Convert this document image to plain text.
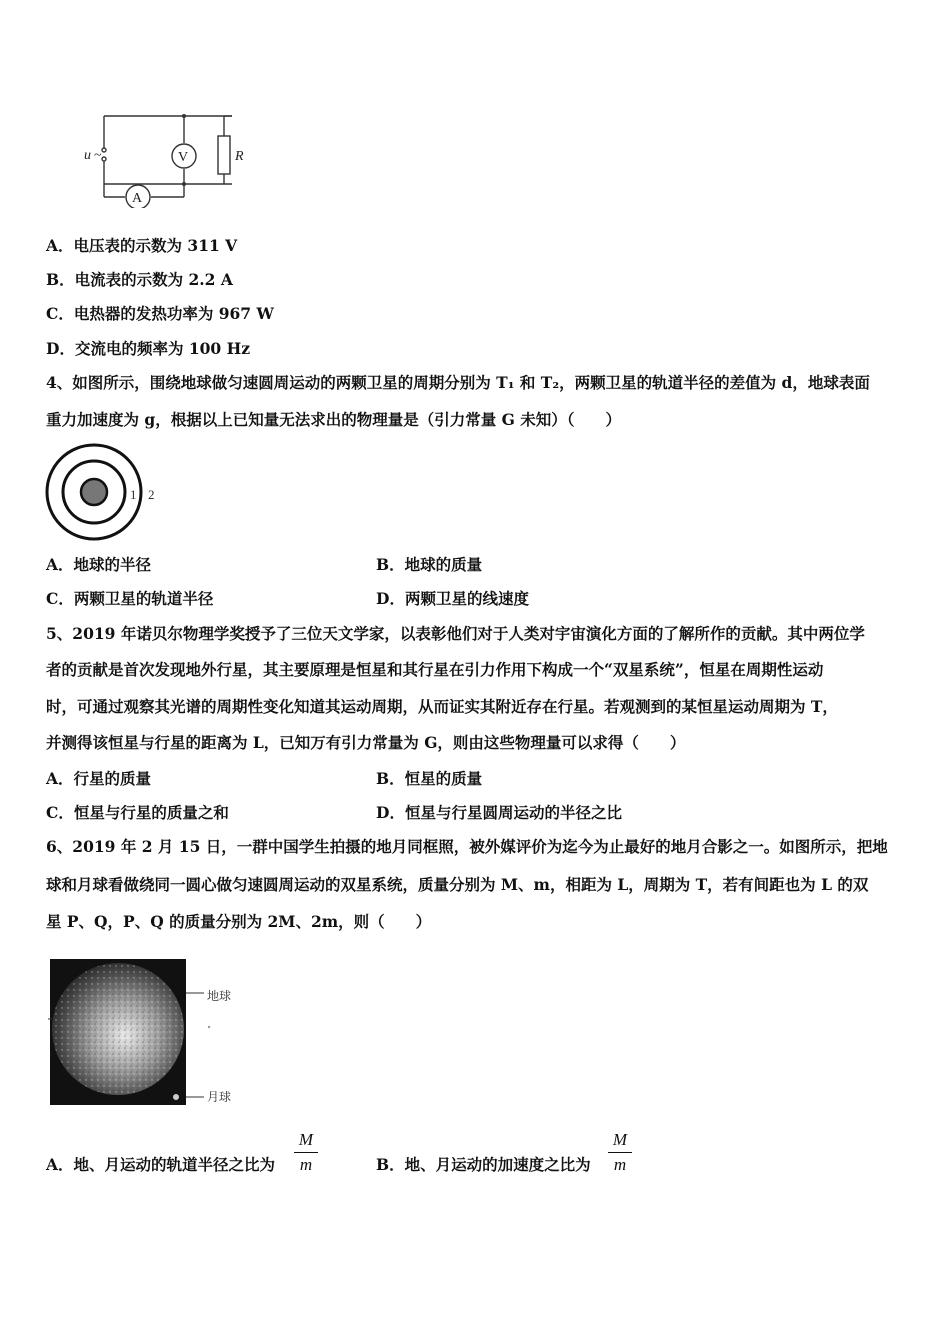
u ~	V
A
R
A．电压表的示数为 311 V
B．电流表的示数为 2.2 A
C．电热器的发热功率为 967 W
D．交流电的频率为 100 Hz
4、如图所示，围绕地球做匀速圆周运动的两颗卫星的周期分别为 T₁ 和 T₂，两颗卫星的轨道半径的差值为 d，地球表面
重力加速度为 g，根据以上已知量无法求出的物理量是（引力常量 G 未知）（　　）
1 2
A．地球的半径	B．地球的质量
C．两颗卫星的轨道半径	D．两颗卫星的线速度
5、2019 年诺贝尔物理学奖授予了三位天文学家，以表彰他们对于人类对宇宙演化方面的了解所作的贡献。其中两位学
者的贡献是首次发现地外行星，其主要原理是恒星和其行星在引力作用下构成一个“双星系统”，恒星在周期性运动
时，可通过观察其光谱的周期性变化知道其运动周期，从而证实其附近存在行星。若观测到的某恒星运动周期为 T，
并测得该恒星与行星的距离为 L，已知万有引力常量为 G，则由这些物理量可以求得（　　）
A．行星的质量	B．恒星的质量
C．恒星与行星的质量之和	D．恒星与行星圆周运动的半径之比
6、2019 年 2 月 15 日，一群中国学生拍摄的地月同框照，被外媒评价为迄今为止最好的地月合影之一。如图所示，把地
球和月球看做绕同一圆心做匀速圆周运动的双星系统，质量分别为 M、m，相距为 L，周期为 T，若有间距也为 L 的双
星 P、Q，P、Q 的质量分别为 2M、2m，则（　　）
地球
月球
A．地、月运动的轨道半径之比为
M
m	B．地、月运动的加速度之比为
M
m
